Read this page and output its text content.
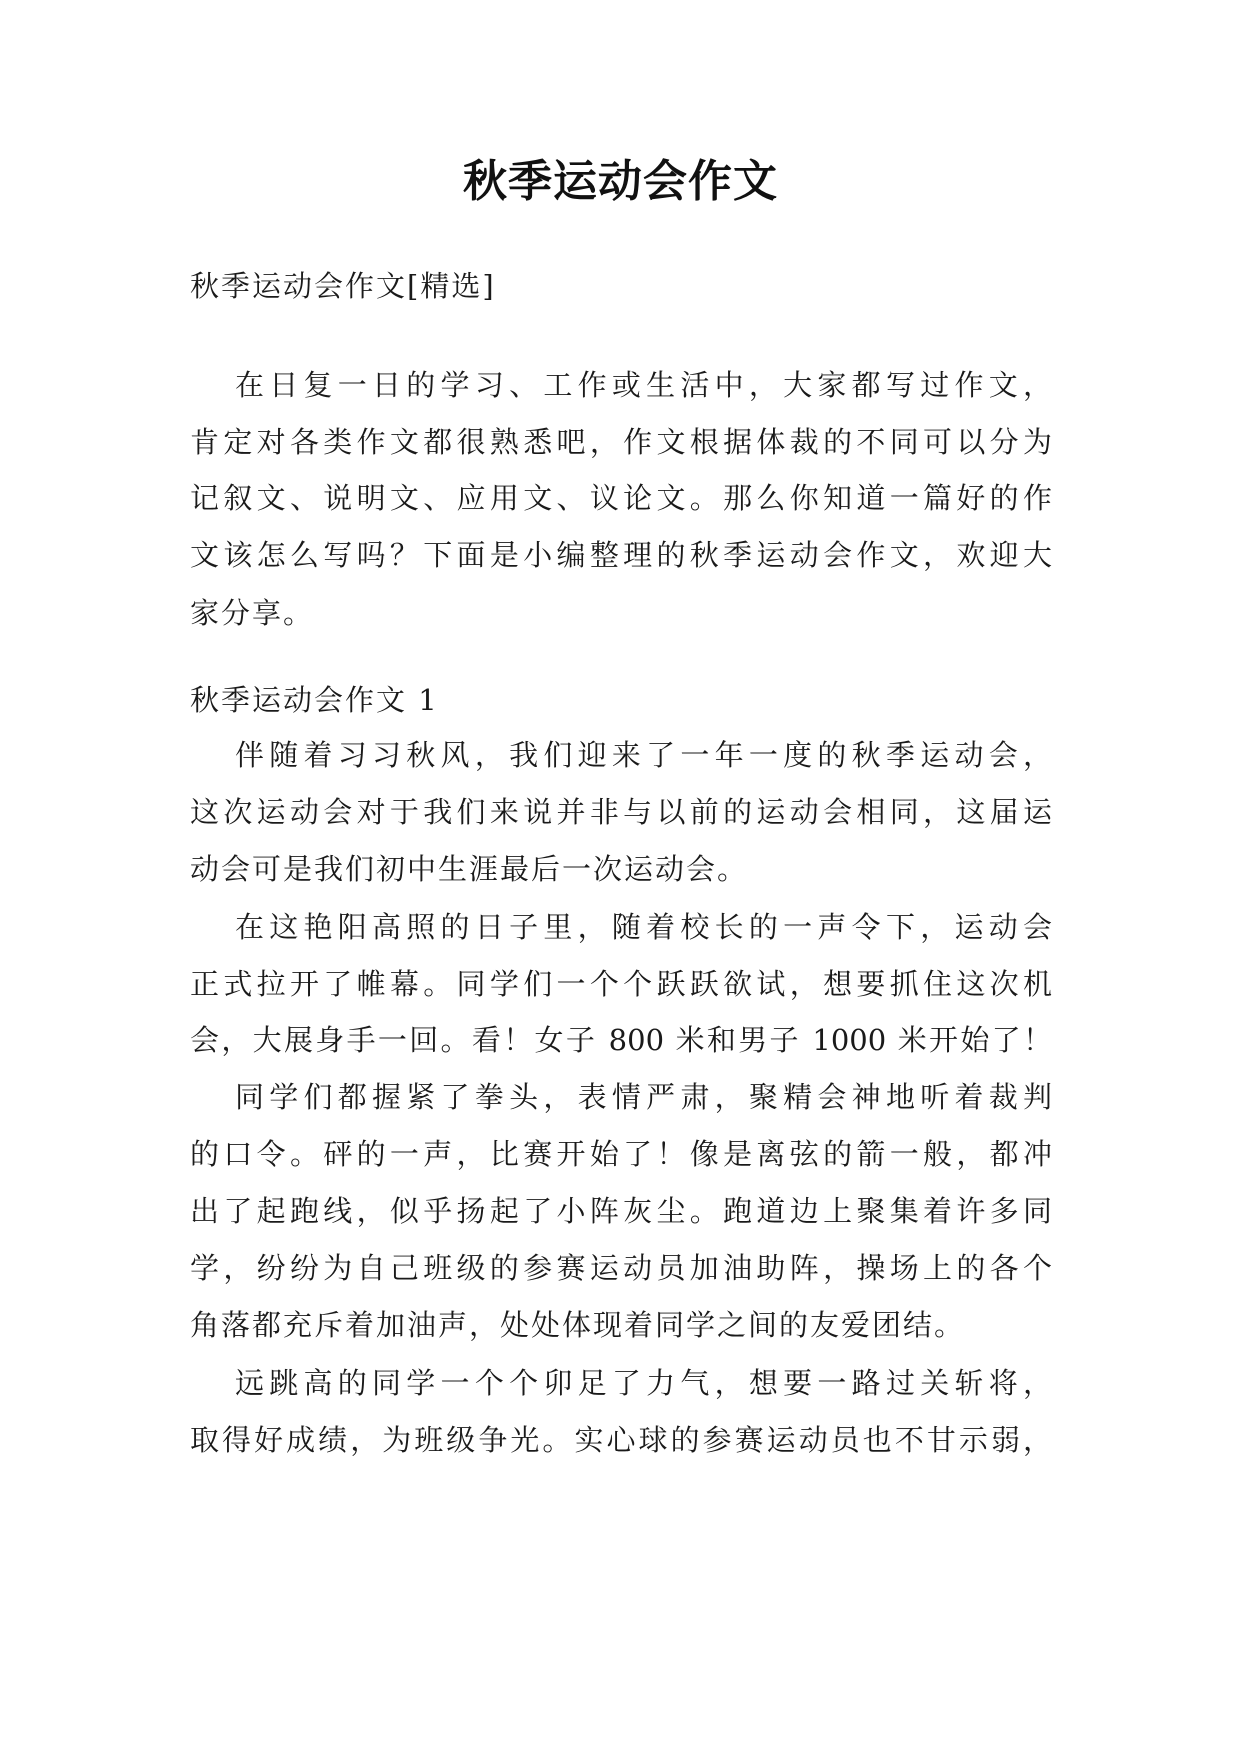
秋季运动会作文
秋季运动会作文[精选]
在日复一日的学习、工作或生活中，大家都写过作文，
肯定对各类作文都很熟悉吧，作文根据体裁的不同可以分为
记叙文、说明文、应用文、议论文。那么你知道一篇好的作
文该怎么写吗？下面是小编整理的秋季运动会作文，欢迎大
家分享。
秋季运动会作文 1
伴随着习习秋风，我们迎来了一年一度的秋季运动会，
这次运动会对于我们来说并非与以前的运动会相同，这届运
动会可是我们初中生涯最后一次运动会。
在这艳阳高照的日子里，随着校长的一声令下，运动会
正式拉开了帷幕。同学们一个个跃跃欲试，想要抓住这次机
会，大展身手一回。看！女子 800 米和男子 1000 米开始了！
同学们都握紧了拳头，表情严肃，聚精会神地听着裁判
的口令。砰的一声，比赛开始了！像是离弦的箭一般，都冲
出了起跑线，似乎扬起了小阵灰尘。跑道边上聚集着许多同
学，纷纷为自己班级的参赛运动员加油助阵，操场上的各个
角落都充斥着加油声，处处体现着同学之间的友爱团结。
远跳高的同学一个个卯足了力气，想要一路过关斩将，
取得好成绩，为班级争光。实心球的参赛运动员也不甘示弱，
